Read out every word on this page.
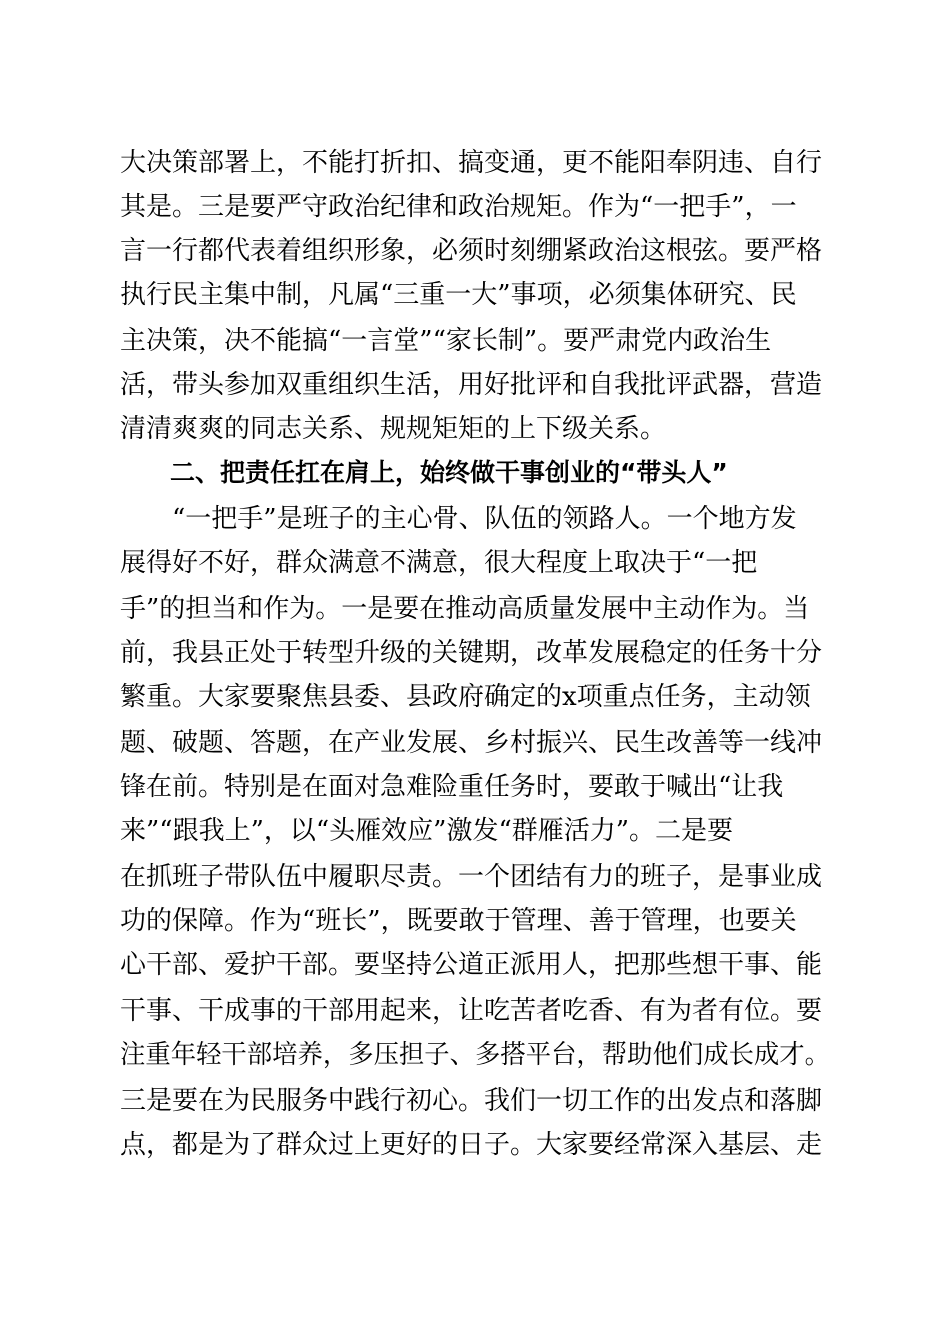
大决策部署上，不能打折扣、搞变通，更不能阳奉阴违、自行
其是。三是要严守政治纪律和政治规矩。作为“一把手”，一
言一行都代表着组织形象，必须时刻绷紧政治这根弦。要严格
执行民主集中制，凡属“三重一大”事项，必须集体研究、民
主决策，决不能搞“一言堂”“家长制”。要严肃党内政治生
活，带头参加双重组织生活，用好批评和自我批评武器，营造
清清爽爽的同志关系、规规矩矩的上下级关系。
二、把责任扛在肩上，始终做干事创业的“带头人”
“一把手”是班子的主心骨、队伍的领路人。一个地方发
展得好不好，群众满意不满意，很大程度上取决于“一把
手”的担当和作为。一是要在推动高质量发展中主动作为。当
前，我县正处于转型升级的关键期，改革发展稳定的任务十分
繁重。大家要聚焦县委、县政府确定的x项重点任务，主动领
题、破题、答题，在产业发展、乡村振兴、民生改善等一线冲
锋在前。特别是在面对急难险重任务时，要敢于喊出“让我
来”“跟我上”，以“头雁效应”激发“群雁活力”。二是要
在抓班子带队伍中履职尽责。一个团结有力的班子，是事业成
功的保障。作为“班长”，既要敢于管理、善于管理，也要关
心干部、爱护干部。要坚持公道正派用人，把那些想干事、能
干事、干成事的干部用起来，让吃苦者吃香、有为者有位。要
注重年轻干部培养，多压担子、多搭平台，帮助他们成长成才。
三是要在为民服务中践行初心。我们一切工作的出发点和落脚
点，都是为了群众过上更好的日子。大家要经常深入基层、走
